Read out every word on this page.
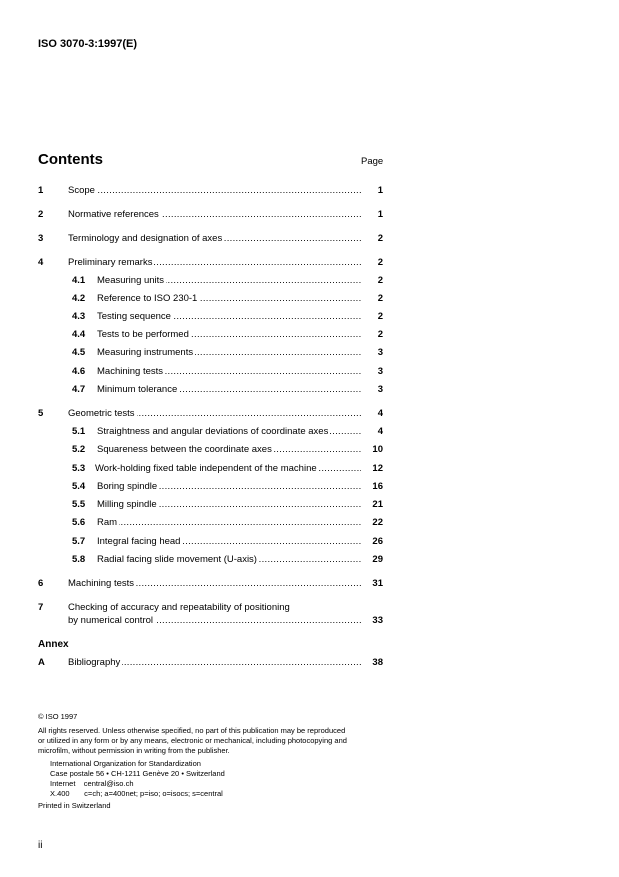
ISO 3070-3:1997(E)
Contents	Page
1 .....	Scope	1
2 .....	Normative references	1
3 .....	Terminology and designation of axes	2
4 .....	Preliminary remarks	2
4.1 ..... Measuring units	2
4.2 ..... Reference to ISO 230-1	2
4.3 ..... Testing sequence	2
4.4 ..... Tests to be performed	2
4.5 ..... Measuring instruments	3
4.6 ..... Machining tests	3
4.7 ..... Minimum tolerance	3
5 .....	Geometric tests	4
5.1 ..... Straightness and angular deviations of coordinate axes	4
5.2 ..... Squareness between the coordinate axes	10
5.3 ..... Work-holding fixed table independent of the machine	12
5.4 ..... Boring spindle	16
5.5 ..... Milling spindle	21
5.6 ..... Ram	22
5.7 ..... Integral facing head	26
5.8 ..... Radial facing slide movement (U-axis)	29
6 .....	Machining tests	31
7	Checking of accuracy and repeatability of positioning
.....
by numerical control	33
A ..... Bibliography	38
Annex
© ISO 1997
All rights reserved. Unless otherwise specified, no part of this publication may be reproduced
or utilized in any form or by any means, electronic or mechanical, including photocopying and
microfilm, without permission in writing from the publisher.
International Organization for Standardization
Case postale 56 • CH-1211 Genève 20 • Switzerland
Internet    central@iso.ch
X.400       c=ch; a=400net; p=iso; o=isocs; s=central
Printed in Switzerland
ii
